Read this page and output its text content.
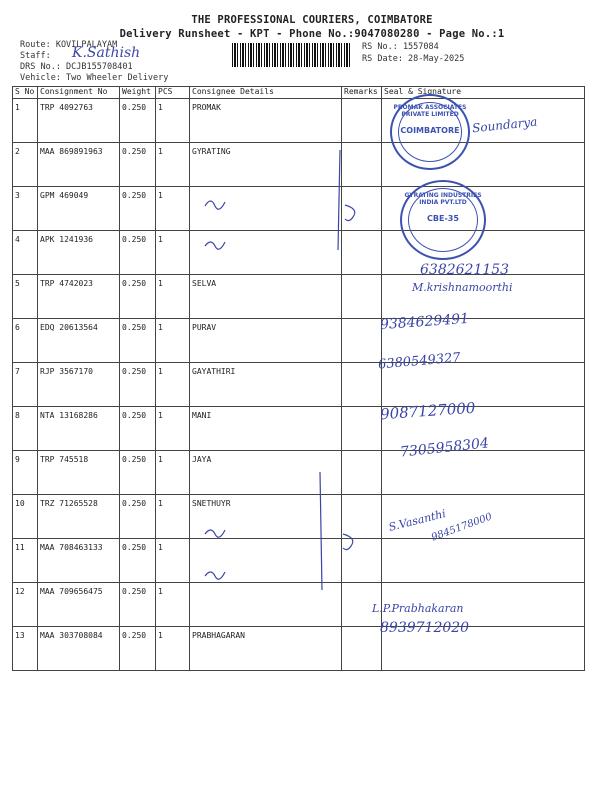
THE PROFESSIONAL COURIERS, COIMBATORE
Delivery Runsheet - KPT - Phone No.:9047080280 - Page No.:1
Route: KOVILPALAYAM
Staff: K.Sathish
DRS No.: DCJB155708401
Vehicle: Two Wheeler Delivery
RS No.: 1557084
RS Date: 28-May-2025
S No	Consignment No	Weight	PCS	Consignee Details	Remarks	Seal & Signature
1	TRP 4092763	0.250	1	PROMAK		
2	MAA 869891963	0.250	1	GYRATING		
3	GPM 469049	0.250	1			
4	APK 1241936	0.250	1			
5	TRP 4742023	0.250	1	SELVA		
6	EDQ 20613564	0.250	1	PURAV		
7	RJP 3567170	0.250	1	GAYATHIRI		
8	NTA 13168286	0.250	1	MANI		
9	TRP 745518	0.250	1	JAYA		
10	TRZ 71265528	0.250	1	SNETHUYR		
11	MAA 708463133	0.250	1			
12	MAA 709656475	0.250	1			
13	MAA 303708084	0.250	1	PRABHAGARAN		
PROMAK ASSOCIATES PRIVATE LIMITED
COIMBATORE
GYRATING INDUSTRIES INDIA PVT.LTD
CBE-35
Soundarya
6382621153
M.krishnamoorthi
9384629491
6380549327
9087127000
7305958304
S.Vasanthi
9845178000
L.P.Prabhakaran
8939712020
